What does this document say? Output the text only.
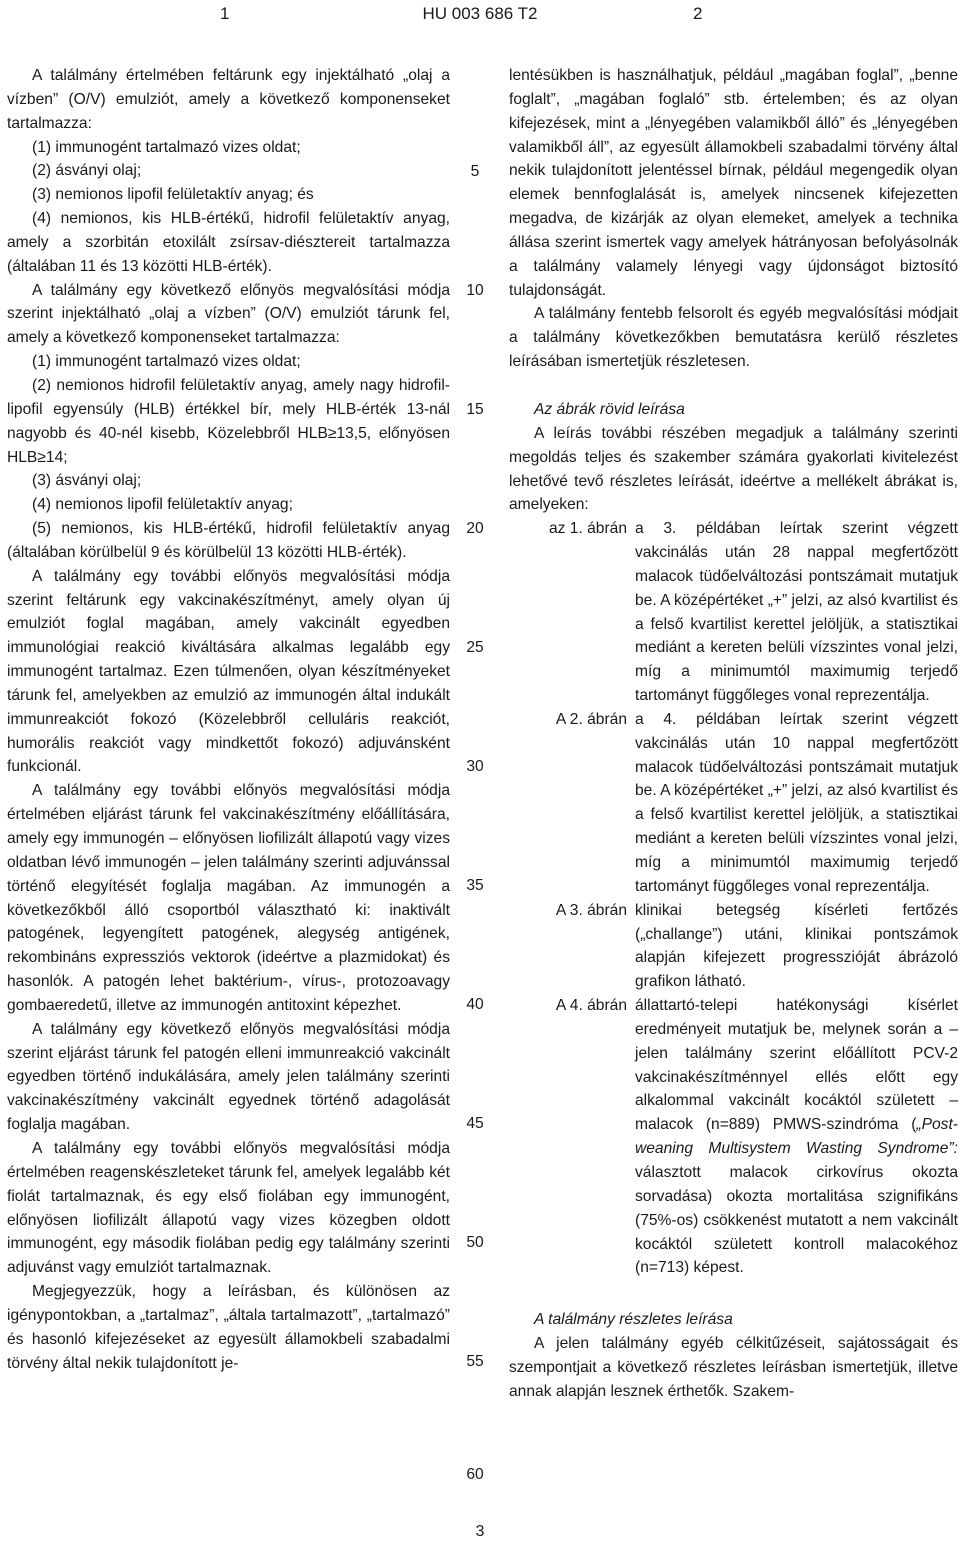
1	HU 003 686 T2	2

A találmány értelmében feltárunk egy injektálható „olaj a vízben” (O/V) emulziót, amely a következő komponenseket tartalmazza:

(1) immunogént tartalmazó vizes oldat;

(2) ásványi olaj;

(3) nemionos lipofil felületaktív anyag; és

(4) nemionos, kis HLB-értékű, hidrofil felületaktív anyag, amely a szorbitán etoxilált zsírsav-diésztereit tartalmazza (általában 11 és 13 közötti HLB-érték).

A találmány egy következő előnyös megvalósítási módja szerint injektálható „olaj a vízben” (O/V) emulziót tárunk fel, amely a következő komponenseket tartalmazza:

(1) immunogént tartalmazó vizes oldat;

(2) nemionos hidrofil felületaktív anyag, amely nagy hidrofil-lipofil egyensúly (HLB) értékkel bír, mely HLB-érték 13-nál nagyobb és 40-nél kisebb, Közelebbről HLB≥13,5, előnyösen HLB≥14;

(3) ásványi olaj;

(4) nemionos lipofil felületaktív anyag;

(5) nemionos, kis HLB-értékű, hidrofil felületaktív anyag (általában körülbelül 9 és körülbelül 13 közötti HLB-érték).

A találmány egy további előnyös megvalósítási módja szerint feltárunk egy vakcinakészítményt, amely olyan új emulziót foglal magában, amely vakcinált egyedben immunológiai reakció kiváltására alkalmas legalább egy immunogént tartalmaz. Ezen túlmenően, olyan készítményeket tárunk fel, amelyekben az emulzió az immunogén által indukált immunreakciót fokozó (Közelebbről celluláris reakciót, humorális reakciót vagy mindkettőt fokozó) adjuvánsként funkcionál.

A találmány egy további előnyös megvalósítási módja értelmében eljárást tárunk fel vakcinakészítmény előállítására, amely egy immunogén – előnyösen liofilizált állapotú vagy vizes oldatban lévő immunogén – jelen találmány szerinti adjuvánssal történő elegyítését foglalja magában. Az immunogén a következőkből álló csoportból választható ki: inaktivált patogének, legyengített patogének, alegység antigének, rekombináns expressziós vektorok (ideértve a plazmidokat) és hasonlók. A patogén lehet baktérium-, vírus-, protozoavagy gombaeredetű, illetve az immunogén antitoxint képezhet.

A találmány egy következő előnyös megvalósítási módja szerint eljárást tárunk fel patogén elleni immunreakció vakcinált egyedben történő indukálására, amely jelen találmány szerinti vakcinakészítmény vakcinált egyednek történő adagolását foglalja magában.

A találmány egy további előnyös megvalósítási módja értelmében reagenskészleteket tárunk fel, amelyek legalább két fiolát tartalmaznak, és egy első fiolában egy immunogént, előnyösen liofilizált állapotú vagy vizes közegben oldott immunogént, egy második fiolában pedig egy találmány szerinti adjuvánst vagy emulziót tartalmaznak.

Megjegyezzük, hogy a leírásban, és különösen az igénypontokban, a „tartalmaz”, „általa tartalmazott”, „tartalmazó” és hasonló kifejezéseket az egyesült államokbeli szabadalmi törvény által nekik tulajdonított je-

lentésükben is használhatjuk, például „magában foglal”, „benne foglalt”, „magában foglaló” stb. értelemben; és az olyan kifejezések, mint a „lényegében valamikből álló” és „lényegében valamikből áll”, az egyesült államokbeli szabadalmi törvény által nekik tulajdonított jelentéssel bírnak, például megengedik olyan elemek bennfoglalását is, amelyek nincsenek kifejezetten megadva, de kizárják az olyan elemeket, amelyek a technika állása szerint ismertek vagy amelyek hátrányosan befolyásolnák a találmány valamely lényegi vagy újdonságot biztosító tulajdonságát.

A találmány fentebb felsorolt és egyéb megvalósítási módjait a találmány következőkben bemutatásra kerülő részletes leírásában ismertetjük részletesen.

Az ábrák rövid leírása

A leírás további részében megadjuk a találmány szerinti megoldás teljes és szakember számára gyakorlati kivitelezést lehetővé tevő részletes leírását, ideértve a mellékelt ábrákat is, amelyeken:

az 1. ábrán a 3. példában leírtak szerint végzett vakcinálás után 28 nappal megfertőzött malacok tüdőelváltozási pontszámait mutatjuk be. A középértéket „+” jelzi, az alsó kvartilist és a felső kvartilist kerettel jelöljük, a statisztikai mediánt a kereten belüli vízszintes vonal jelzi, míg a minimumtól maximumig terjedő tartományt függőleges vonal reprezentálja.
A 2. ábrán a 4. példában leírtak szerint végzett vakcinálás után 10 nappal megfertőzött malacok tüdőelváltozási pontszámait mutatjuk be. A középértéket „+” jelzi, az alsó kvartilist és a felső kvartilist kerettel jelöljük, a statisztikai mediánt a kereten belüli vízszintes vonal jelzi, míg a minimumtól maximumig terjedő tartományt függőleges vonal reprezentálja.
A 3. ábrán klinikai betegség kísérleti fertőzés („challange”) utáni, klinikai pontszámok alapján kifejezett progresszióját ábrázoló grafikon látható.
A 4. ábrán állattartó-telepi hatékonysági kísérlet eredményeit mutatjuk be, melynek során a – jelen találmány szerint előállított PCV-2 vakcinakészítménnyel ellés előtt egy alkalommal vakcinált kocáktól született – malacok (n=889) PMWS-szindróma („Post-weaning Multisystem Wasting Syndrome”: választott malacok cirkovírus okozta sorvadása) okozta mortalitása szignifikáns (75%-os) csökkenést mutatott a nem vakcinált kocáktól született kontroll malacokéhoz (n=713) képest.

A találmány részletes leírása

A jelen találmány egyéb célkitűzéseit, sajátosságait és szempontjait a következő részletes leírásban ismertetjük, illetve annak alapján lesznek érthetők. Szakem-

5
10
15
20
25
30
35
40
45
50
55
60
3
